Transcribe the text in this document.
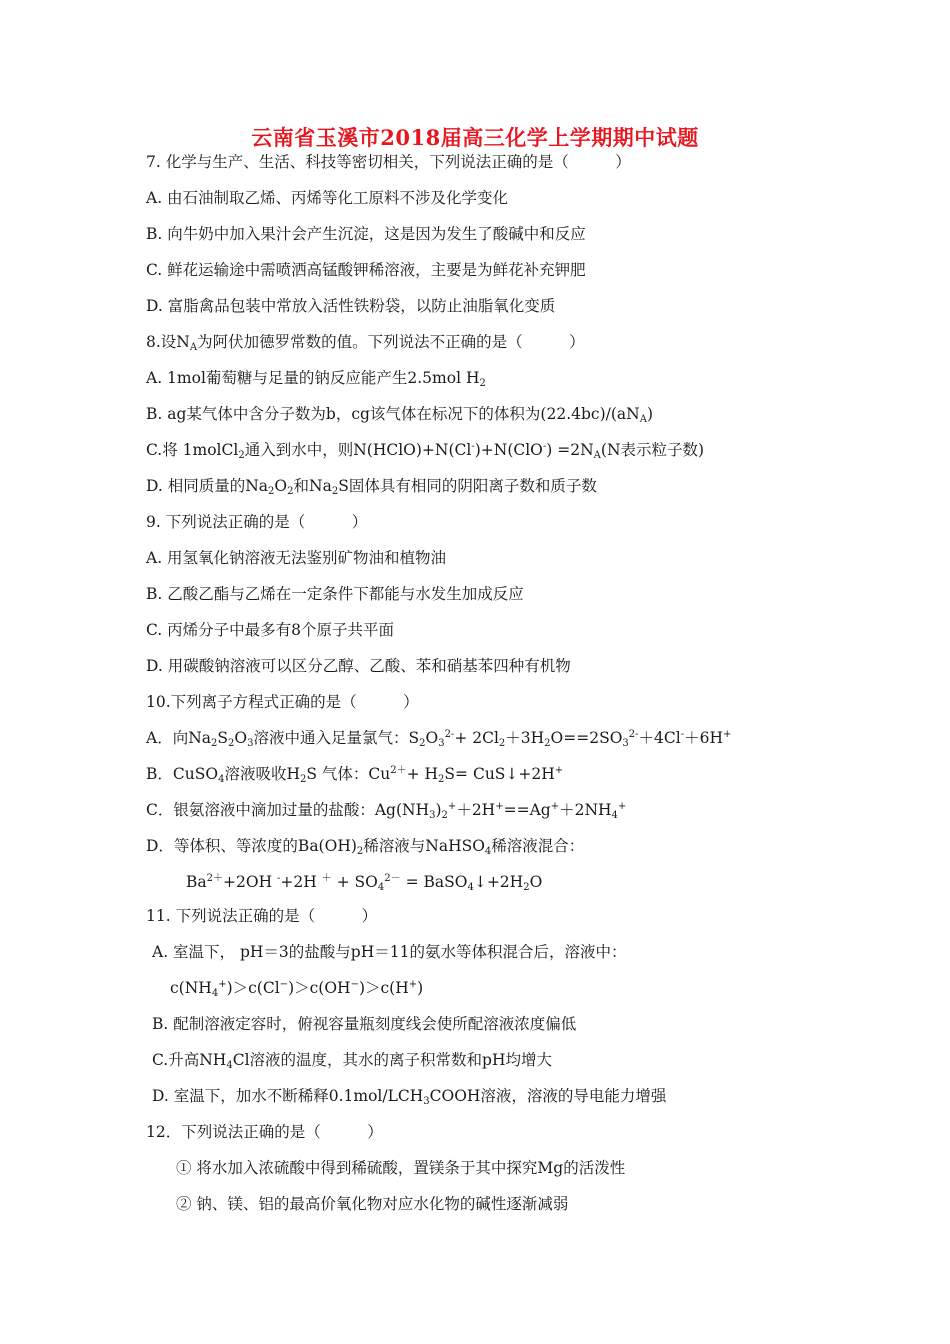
云南省玉溪市2018届高三化学上学期期中试题
7. 化学与生产、生活、科技等密切相关，下列说法正确的是（　　　）
A. 由石油制取乙烯、丙烯等化工原料不涉及化学变化
B. 向牛奶中加入果汁会产生沉淀，这是因为发生了酸碱中和反应
C. 鲜花运输途中需喷洒高锰酸钾稀溶液，主要是为鲜花补充钾肥
D. 富脂禽品包装中常放入活性铁粉袋，以防止油脂氧化变质
8.设$N_A$为阿伏加德罗常数的值。下列说法不正确的是（　　　）
A. 1mol葡萄糖与足量的钠反应能产生2.5mol $H_2$
B. ag某气体中含分子数为b，cg该气体在标况下的体积为$(22.4bc)/(aN_A)$
C.将 1molCl$_2$通入到水中，则N(HClO)+N(Cl-)+N(ClO-) $=2N_A(N$表示粒子数)
D. 相同质量的$Na_2O_2$和$Na_2S$固体具有相同的阴阳离子数和质子数
9. 下列说法正确的是（　　　）
A. 用氢氧化钠溶液无法鉴别矿物油和植物油
B. 乙酸乙酯与乙烯在一定条件下都能与水发生加成反应
C. 丙烯分子中最多有8个原子共平面
D. 用碳酸钠溶液可以区分乙醇、乙酸、苯和硝基苯四种有机物
10.下列离子方程式正确的是（　　　）
A．向$Na_2S_2O_3$溶液中通入足量氯气：$S_2O_3^{2-}+ 2Cl_2+3H_2O==2SO_3^{2-}+4Cl^-+6H^+$
B．CuSO$_4$溶液吸收$H_2S$ 气体：$Cu^{2+}+ H_2S=$ CuS↓+2H+
C．银氨溶液中滴加过量的盐酸：$Ag(NH_3)_2^++2H^+==Ag^++2NH_4^+$
D．等体积、等浓度的$Ba(OH)_2$稀溶液与NaHSO$_4$稀溶液混合：
$Ba^{2+}+2OH$ -+2H $^+ + SO_4^{2-}$ = $BaSO_4↓+2H_2O$
11. 下列说法正确的是（　　　）
A. 室温下， pH＝3的盐酸与pH＝11的氨水等体积混合后，溶液中：
$c(NH_4^+)>c(Cl^-)>c(OH^-)>c(H^+)$
B. 配制溶液定容时，俯视容量瓶刻度线会使所配溶液浓度偏低
C.升高$NH_4Cl$溶液的温度，其水的离子积常数和pH均增大
D. 室温下，加水不断稀释$0.1mol/LCH_3COOH$溶液，溶液的导电能力增强
12．下列说法正确的是（　　　）
① 将水加入浓硫酸中得到稀硫酸，置镁条于其中探究Mg的活泼性
② 钠、镁、铝的最高价氧化物对应水化物的碱性逐渐减弱
